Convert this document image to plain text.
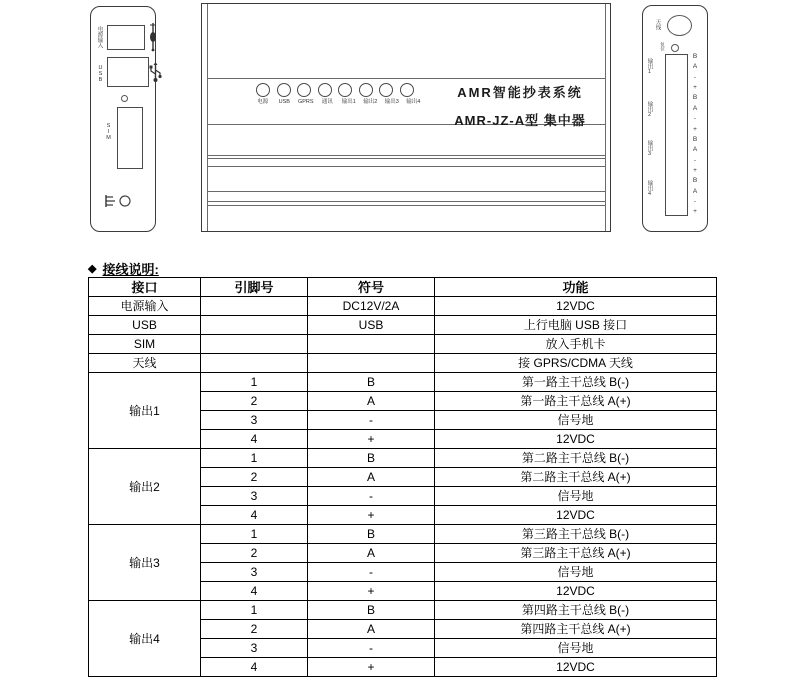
电源输入
USB
SIM
电源	USB	GPRS	通讯	输出1	输出2	输出3	输出4
AMR智能抄表系统
AMR-JZ-A型 集中器
天线
复位
输出1
输出2
输出3
输出4
B
A
-
+
B
A
-
+
B
A
-
+
B
A
-
+
◆ 接线说明:
接口	引脚号	符号	功能
电源输入		DC12V/2A	12VDC
USB		USB	上行电脑 USB 接口
SIM			放入手机卡
天线			接 GPRS/CDMA 天线
输出1	1	B	第一路主干总线 B(-)
	2	A	第一路主干总线 A(+)
	3	-	信号地
	4	+	12VDC
输出2	1	B	第二路主干总线 B(-)
	2	A	第二路主干总线 A(+)
	3	-	信号地
	4	+	12VDC
输出3	1	B	第三路主干总线 B(-)
	2	A	第三路主干总线 A(+)
	3	-	信号地
	4	+	12VDC
输出4	1	B	第四路主干总线 B(-)
	2	A	第四路主干总线 A(+)
	3	-	信号地
	4	+	12VDC
